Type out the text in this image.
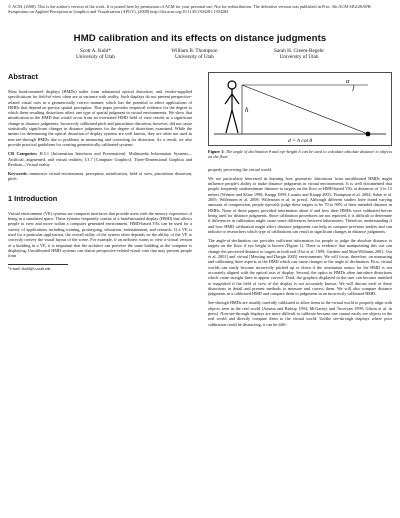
© ACM, (2008). This is the author's version of the work. It is posted here by permission of ACM for your personal use. Not for redistribution. The definitive version was published in Proc. 5th ACM SIGGRAPH Symposium on Applied Perception in Graphics and Visualization (APGV), (2008) http://doi.acm.org/10.1145/1394281.1394284
HMD calibration and its effects on distance judgments
Scott A. Kuhl*
University of Utah
William B. Thompson
University of Utah
Sarah H. Creem-Regehr
University of Utah
Abstract

Most head-mounted displays (HMDs) suffer from substantial optical distortion, and vendor-supplied specifications for field-of-view often are at variance with reality. Such displays do not present perspective-related visual cues in a geometrically correct manner, which has the potential to affect applications of HMDs that depend on precise spatial perception. This paper provides empirical evidence for the degree to which these resulting distortions affect one type of spatial judgment in virtual environments. We show that minification in the HMD that would occur from an overstated HMD field of view results in a significant change in distance judgments. Incorrectly calibrated pitch and pincushion distortion, however, did not cause statistically significant changes in distance judgments for the degree of distortions examined. While the means for determining the optical distortion of display systems are well known, they are often not used in non-see-through HMDs due to problems in measuring and correcting for distortion. As a result, we also provide practical guidelines for creating geometrically calibrated systems.

CR Categories: H.5.1 [Information Interfaces and Presentation]: Multimedia Information Systems—Artificial, augmented, and virtual realities; I.3.7 [Computer Graphics]: Three-Dimensional Graphics and Realism—Virtual reality

Keywords: immersive virtual environment, perception, minification, field of view, pincushion distortion, pitch

1 Introduction

Virtual environment (VE) systems are computer interfaces that provide users with the sensory experience of being in a simulated space. These systems frequently consist of a head-mounted display (HMD) that allows people to view and move within a computer generated environment. HMD-based VEs can be used for a variety of applications including training, prototyping, education, entertainment, and research. If a VE is used for a particular application, the overall utility of the system often depends on the ability of the VE to correctly convey the visual layout of the scene. For example, if an architect wants to view a virtual version of a building in a VE, it is important that the architect can perceive the same building as the computer is displaying. Uncalibrated HMD systems can distort perspective-related visual cues that may prevent people from

*e-mail: skuhl@cs.utah.edu
h
α
d = h cot θ

Figure 1: The angle of declination θ and eye-height h can be used to calculate absolute distance to objects on the floor.

properly perceiving the virtual world.

We are particularly interested in learning how geometric distortions from uncalibrated HMDs might influence people's ability to make distance judgments in virtual environments. It is well documented that people frequently underestimate distance to targets on the floor in HMD-based VEs at distances of 3 to 15 meters [Witmer and Kline 1998; Knapp 1999; Loomis and Knapp 2003; Thompson et al. 2004; Sahm et al. 2005; Willemsen et al. 2008; Willemsen et al. in press]. Although different studies have found varying amounts of compression, people typically judge these targets to be 70 to 90% of their intended distance in HMDs. None of these papers provided information about if and how their HMDs were calibrated before being used for distance judgments. Since calibration procedures are not reported, it is difficult to determine if differences in calibration might cause some differences between laboratories. Therefore, understanding if and how HMD calibration might affect distance judgments can help us compare previous studies and can indicate to researchers which type of calibrations can result in significant changes in distance judgments.

The angle-of-declination cue provides sufficient information for people to judge the absolute distance to targets on the floor if eye height is known (Figure 1). There is evidence that manipulating this cue can change the perceived distance to targets in both real [Ooi et al. 1999; Gardner and Mon-Williams 2001; Ooi et al. 2001] and virtual [Messing and Durgin 2005] environments. We will focus, therefore, on measuring and calibrating three aspects of the HMD which can cause changes to the angle of declination. First, virtual worlds can easily become incorrectly pitched up or down if the orientation sensor for the HMD is not accurately aligned with the optical axis of display. Second, the optics in HMDs often introduce distortions which cause straight lines to appear curved. Third, the graphics displayed in the user can become minified or magnified if the field of view of the display is not accurately known. We will discuss each of these distortions in detail and present methods to measure and correct them. We will also compare distance judgments in a calibrated HMD and compare them to judgments in an incorrectly calibrated HMD.

See-through HMDs are usually carefully calibrated to allow items in the virtual world to properly align with objects seen in the real world [Azuma and Bishop 1994; McGarrity and Tuceryan 1999; Gilson et al. in press]. Non-see-through displays are more difficult to calibrate because one cannot easily see objects in the real world and directly compare them to the virtual world. Unlike see-through displays where poor calibration could be distracting, it can be diffi-
